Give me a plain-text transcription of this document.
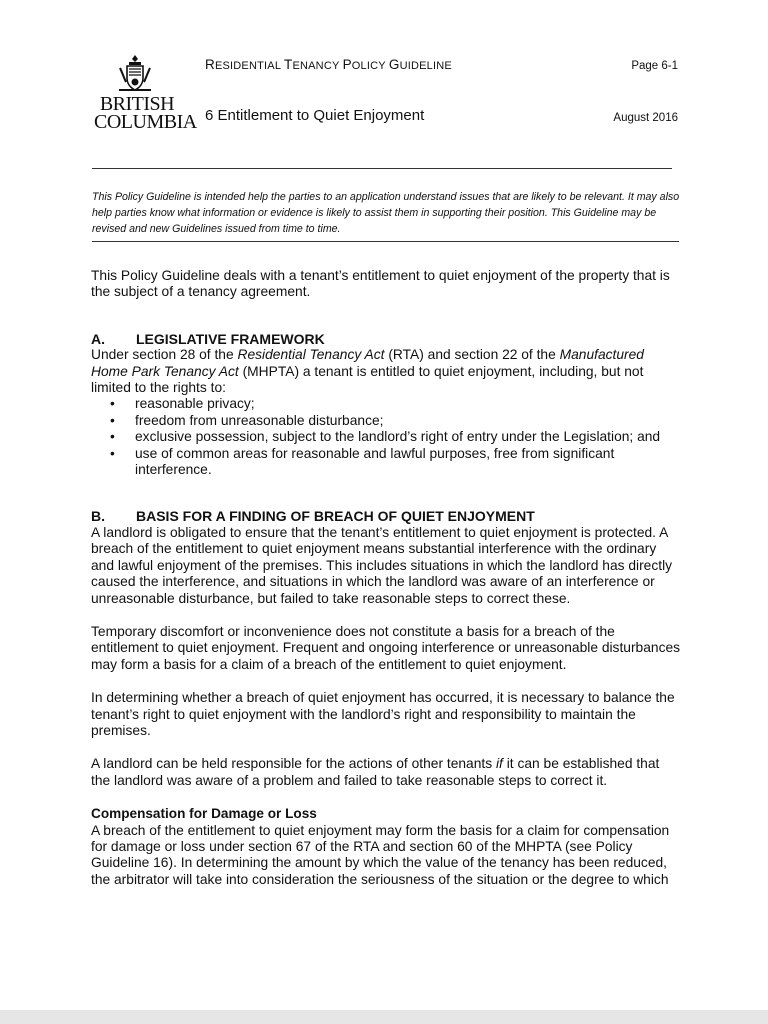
BRITISH
COLUMBIA
RESIDENTIAL TENANCY POLICY GUIDELINE	Page 6-1
6 Entitlement to Quiet Enjoyment	August 2016
This Policy Guideline is intended help the parties to an application understand issues that are likely to be relevant. It may also help parties know what information or evidence is likely to assist them in supporting their position. This Guideline may be revised and new Guidelines issued from time to time.

This Policy Guideline deals with a tenant’s entitlement to quiet enjoyment of the property that is the subject of a tenancy agreement.

A. LEGISLATIVE FRAMEWORK

Under section 28 of the Residential Tenancy Act (RTA) and section 22 of the Manufactured Home Park Tenancy Act (MHPTA) a tenant is entitled to quiet enjoyment, including, but not limited to the rights to:

• reasonable privacy;
• freedom from unreasonable disturbance;
• exclusive possession, subject to the landlord’s right of entry under the Legislation; and
• use of common areas for reasonable and lawful purposes, free from significant interference.

B. BASIS FOR A FINDING OF BREACH OF QUIET ENJOYMENT

A landlord is obligated to ensure that the tenant’s entitlement to quiet enjoyment is protected. A breach of the entitlement to quiet enjoyment means substantial interference with the ordinary and lawful enjoyment of the premises. This includes situations in which the landlord has directly caused the interference, and situations in which the landlord was aware of an interference or unreasonable disturbance, but failed to take reasonable steps to correct these.

Temporary discomfort or inconvenience does not constitute a basis for a breach of the entitlement to quiet enjoyment. Frequent and ongoing interference or unreasonable disturbances may form a basis for a claim of a breach of the entitlement to quiet enjoyment.

In determining whether a breach of quiet enjoyment has occurred, it is necessary to balance the tenant’s right to quiet enjoyment with the landlord’s right and responsibility to maintain the premises.

A landlord can be held responsible for the actions of other tenants if it can be established that the landlord was aware of a problem and failed to take reasonable steps to correct it.

Compensation for Damage or Loss

A breach of the entitlement to quiet enjoyment may form the basis for a claim for compensation for damage or loss under section 67 of the RTA and section 60 of the MHPTA (see Policy Guideline 16). In determining the amount by which the value of the tenancy has been reduced, the arbitrator will take into consideration the seriousness of the situation or the degree to which
